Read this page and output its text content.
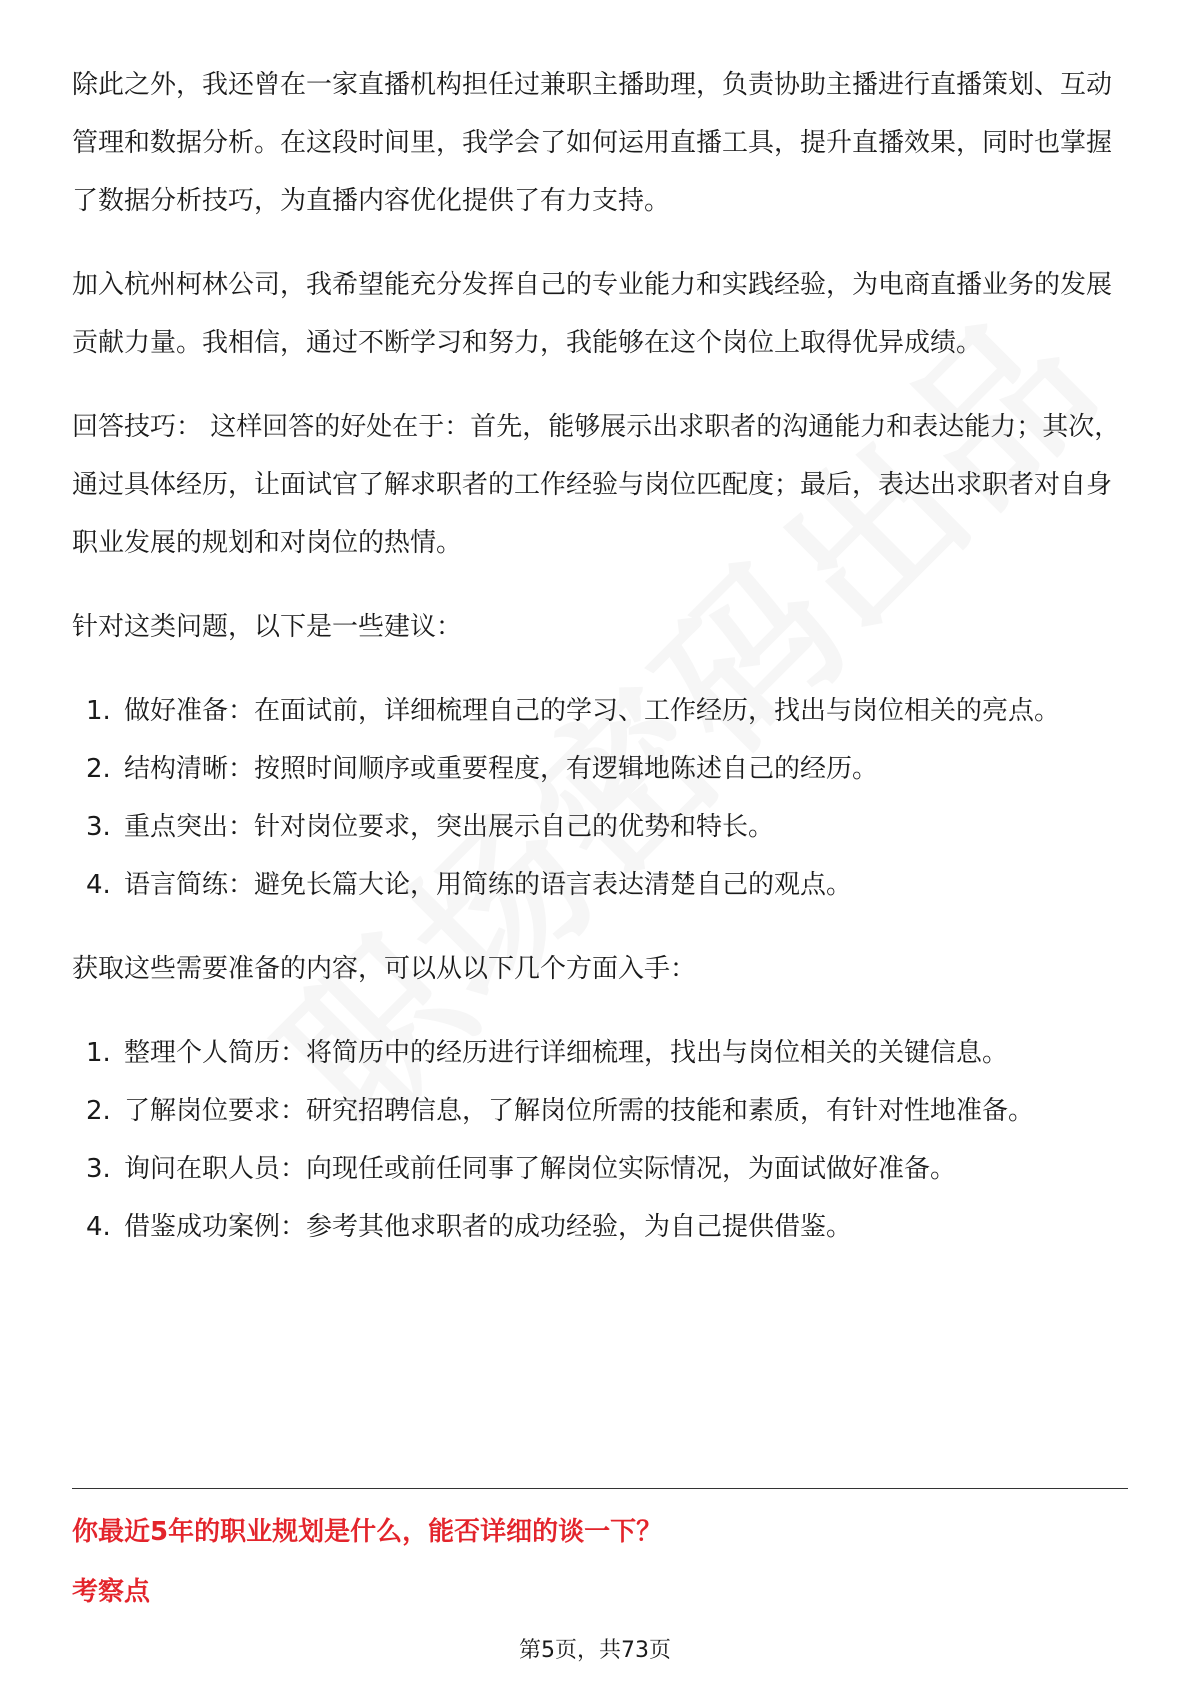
除此之外，我还曾在一家直播机构担任过兼职主播助理，负责协助主播进行直播策划、互动管理和数据分析。在这段时间里，我学会了如何运用直播工具，提升直播效果，同时也掌握了数据分析技巧，为直播内容优化提供了有力支持。

加入杭州柯林公司，我希望能充分发挥自己的专业能力和实践经验，为电商直播业务的发展贡献力量。我相信，通过不断学习和努力，我能够在这个岗位上取得优异成绩。

回答技巧： 这样回答的好处在于：首先，能够展示出求职者的沟通能力和表达能力；其次，通过具体经历，让面试官了解求职者的工作经验与岗位匹配度；最后，表达出求职者对自身职业发展的规划和对岗位的热情。

针对这类问题，以下是一些建议：

1. 做好准备：在面试前，详细梳理自己的学习、工作经历，找出与岗位相关的亮点。
2. 结构清晰：按照时间顺序或重要程度，有逻辑地陈述自己的经历。
3. 重点突出：针对岗位要求，突出展示自己的优势和特长。
4. 语言简练：避免长篇大论，用简练的语言表达清楚自己的观点。

获取这些需要准备的内容，可以从以下几个方面入手：

1. 整理个人简历：将简历中的经历进行详细梳理，找出与岗位相关的关键信息。
2. 了解岗位要求：研究招聘信息，了解岗位所需的技能和素质，有针对性地准备。
3. 询问在职人员：向现任或前任同事了解岗位实际情况，为面试做好准备。
4. 借鉴成功案例：参考其他求职者的成功经验，为自己提供借鉴。
你最近5年的职业规划是什么，能否详细的谈一下？
考察点
第5页，共73页
